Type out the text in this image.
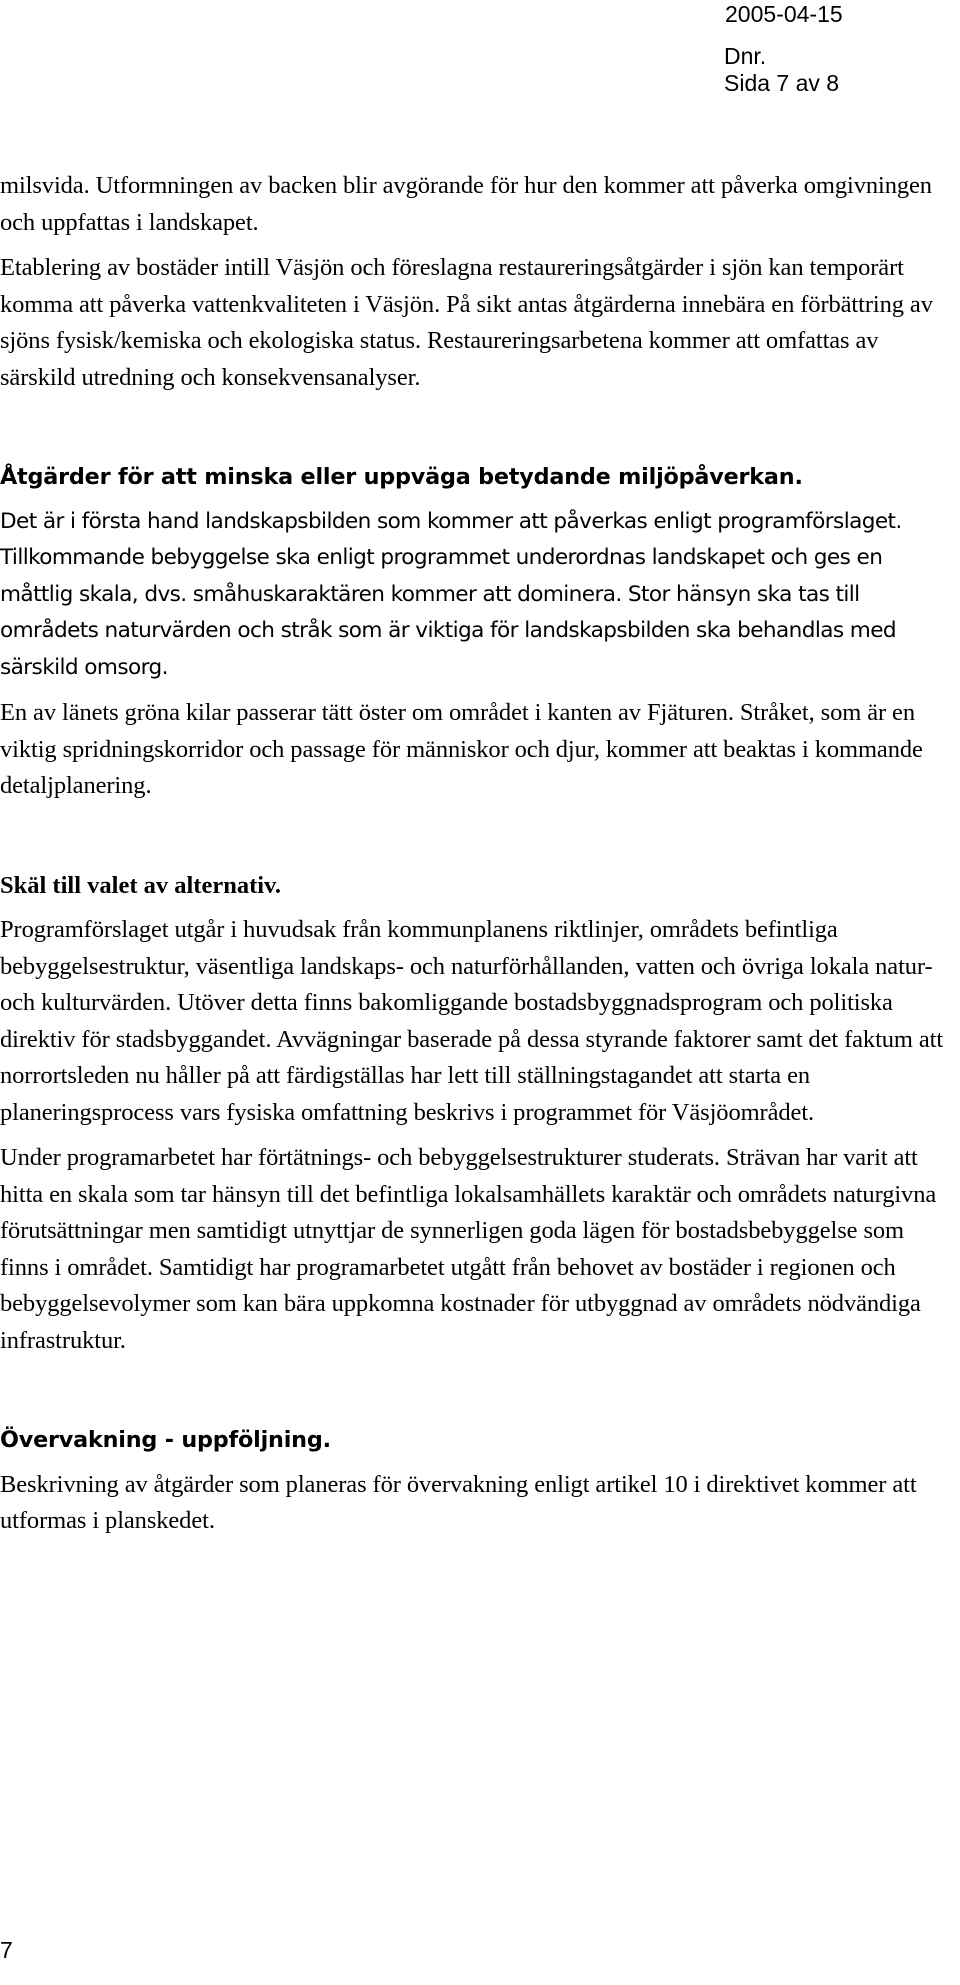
2005-04-15
Dnr.
Sida 7 av 8

milsvida. Utformningen av backen blir avgörande för hur den kommer att påverka omgivningen och uppfattas i landskapet.

Etablering av bostäder intill Väsjön och föreslagna restaureringsåtgärder i sjön kan temporärt komma att påverka vattenkvaliteten i Väsjön. På sikt antas åtgärderna innebära en förbättring av sjöns fysisk/kemiska och ekologiska status. Restaureringsarbetena kommer att omfattas av särskild utredning och konsekvensanalyser.

Åtgärder för att minska eller uppväga betydande miljöpåverkan.

Det är i första hand landskapsbilden som kommer att påverkas enligt programförslaget. Tillkommande bebyggelse ska enligt programmet underordnas landskapet och ges en måttlig skala, dvs. småhuskaraktären kommer att dominera. Stor hänsyn ska tas till områdets naturvärden och stråk som är viktiga för landskapsbilden ska behandlas med särskild omsorg.

En av länets gröna kilar passerar tätt öster om området i kanten av Fjäturen. Stråket, som är en viktig spridningskorridor och passage för människor och djur, kommer att beaktas i kommande detaljplanering.

Skäl till valet av alternativ.

Programförslaget utgår i huvudsak från kommunplanens riktlinjer, områdets befintliga bebyggelsestruktur, väsentliga landskaps- och naturförhållanden, vatten och övriga lokala natur- och kulturvärden. Utöver detta finns bakomliggande bostadsbyggnadsprogram och politiska direktiv för stadsbyggandet. Avvägningar baserade på dessa styrande faktorer samt det faktum att norrortsleden nu håller på att färdigställas har lett till ställningstagandet att starta en planeringsprocess vars fysiska omfattning beskrivs i programmet för Väsjöområdet.

Under programarbetet har förtätnings- och bebyggelsestrukturer studerats. Strävan har varit att hitta en skala som tar hänsyn till det befintliga lokalsamhällets karaktär och områdets naturgivna förutsättningar men samtidigt utnyttjar de synnerligen goda lägen för bostadsbebyggelse som finns i området. Samtidigt har programarbetet utgått från behovet av bostäder i regionen och bebyggelsevolymer som kan bära uppkomna kostnader för utbyggnad av områdets nödvändiga infrastruktur.

Övervakning - uppföljning.

Beskrivning av åtgärder som planeras för övervakning enligt artikel 10 i direktivet kommer att utformas i planskedet.

7
